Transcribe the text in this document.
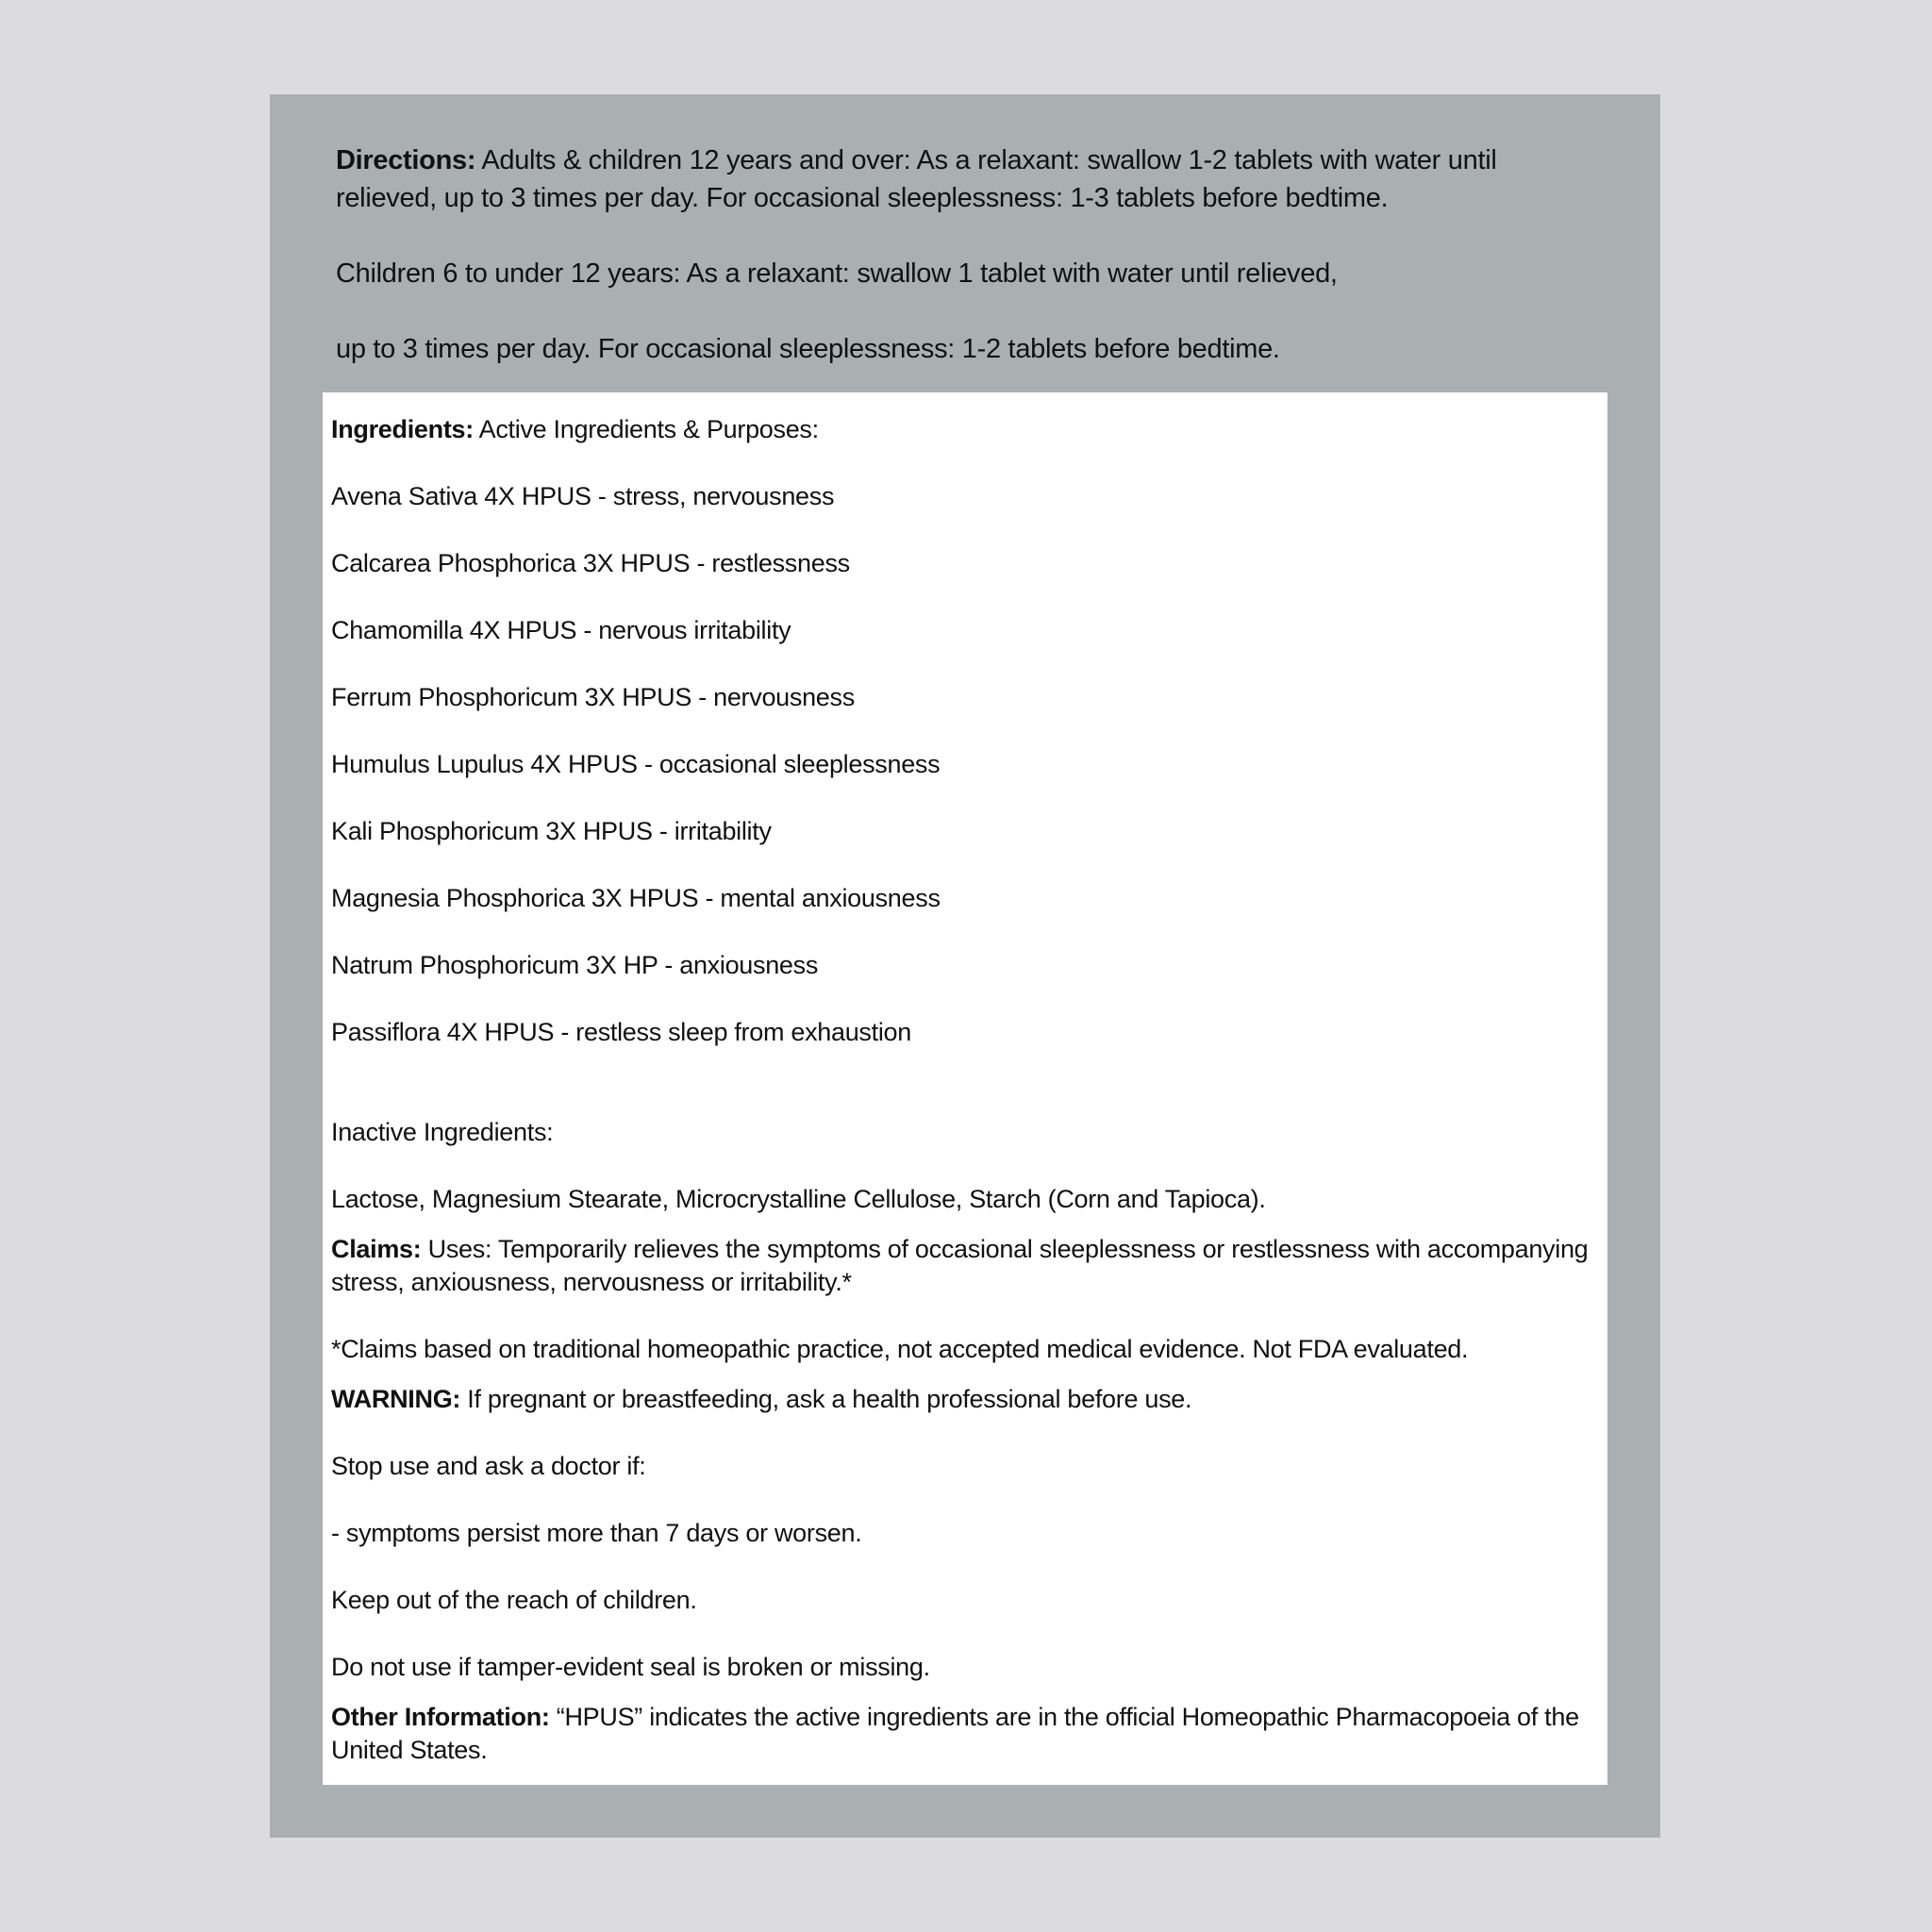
Directions: Adults & children 12 years and over: As a relaxant: swallow 1-2 tablets with water until relieved, up to 3 times per day. For occasional sleeplessness: 1-3 tablets before bedtime.

Children 6 to under 12 years: As a relaxant: swallow 1 tablet with water until relieved,

up to 3 times per day. For occasional sleeplessness: 1-2 tablets before bedtime.

Ingredients: Active Ingredients & Purposes:

Avena Sativa 4X HPUS - stress, nervousness

Calcarea Phosphorica 3X HPUS - restlessness

Chamomilla 4X HPUS - nervous irritability

Ferrum Phosphoricum 3X HPUS - nervousness

Humulus Lupulus 4X HPUS - occasional sleeplessness

Kali Phosphoricum 3X HPUS - irritability

Magnesia Phosphorica 3X HPUS - mental anxiousness

Natrum Phosphoricum 3X HP - anxiousness

Passiflora 4X HPUS - restless sleep from exhaustion

Inactive Ingredients:

Lactose, Magnesium Stearate, Microcrystalline Cellulose, Starch (Corn and Tapioca).

Claims: Uses: Temporarily relieves the symptoms of occasional sleeplessness or restlessness with accompanying stress, anxiousness, nervousness or irritability.*

*Claims based on traditional homeopathic practice, not accepted medical evidence. Not FDA evaluated.

WARNING: If pregnant or breastfeeding, ask a health professional before use.

Stop use and ask a doctor if:

- symptoms persist more than 7 days or worsen.

Keep out of the reach of children.

Do not use if tamper-evident seal is broken or missing.

Other Information: “HPUS” indicates the active ingredients are in the official Homeopathic Pharmacopoeia of the United States.
